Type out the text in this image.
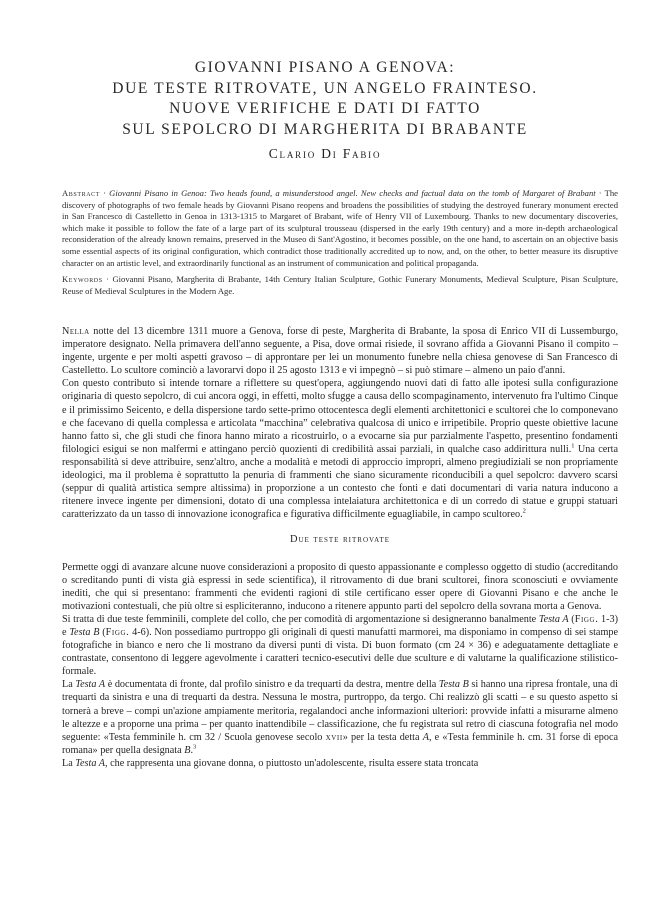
GIOVANNI PISANO A GENOVA:
DUE TESTE RITROVATE, UN ANGELO FRAINTESO.
NUOVE VERIFICHE E DATI DI FATTO
SUL SEPOLCRO DI MARGHERITA DI BRABANTE
Clario Di Fabio
Abstract · Giovanni Pisano in Genoa: Two heads found, a misunderstood angel. New checks and factual data on the tomb of Margaret of Brabant · The discovery of photographs of two female heads by Giovanni Pisano reopens and broadens the possibilities of studying the destroyed funerary monument erected in San Francesco di Castelletto in Genoa in 1313-1315 to Margaret of Brabant, wife of Henry VII of Luxembourg. Thanks to new documentary discoveries, which make it possible to follow the fate of a large part of its sculptural trousseau (dispersed in the early 19th century) and a more in-depth archaeological reconsideration of the already known remains, preserved in the Museo di Sant'Agostino, it becomes possible, on the one hand, to ascertain on an objective basis some essential aspects of its original configuration, which contradict those traditionally accredited up to now, and, on the other, to better measure its disruptive character on an artistic level, and extraordinarily functional as an instrument of communication and political propaganda.
Keywords · Giovanni Pisano, Margherita di Brabante, 14th Century Italian Sculpture, Gothic Funerary Monuments, Medieval Sculpture, Pisan Sculpture, Reuse of Medieval Sculptures in the Modern Age.

Nella notte del 13 dicembre 1311 muore a Genova, forse di peste, Margherita di Brabante, la sposa di Enrico VII di Lussemburgo, imperatore designato. Nella primavera dell'anno seguente, a Pisa, dove ormai risiede, il sovrano affida a Giovanni Pisano il compito – ingente, urgente e per molti aspetti gravoso – di approntare per lei un monumento funebre nella chiesa genovese di San Francesco di Castelletto. Lo scultore cominciò a lavorarvi dopo il 25 agosto 1313 e vi impegnò – si può stimare – almeno un paio d'anni.

Con questo contributo si intende tornare a riflettere su quest'opera, aggiungendo nuovi dati di fatto alle ipotesi sulla configurazione originaria di questo sepolcro, di cui ancora oggi, in effetti, molto sfugge a causa dello scompaginamento, intervenuto fra l'ultimo Cinque e il primissimo Seicento, e della dispersione tardo sette-primo ottocentesca degli elementi architettonici e scultorei che lo componevano e che facevano di quella complessa e articolata “macchina” celebrativa qualcosa di unico e irripetibile. Proprio queste obiettive lacune hanno fatto sì, che gli studi che finora hanno mirato a ricostruirlo, o a evocarne sia pur parzialmente l'aspetto, presentino fondamenti filologici esigui se non malfermi e attingano perciò quozienti di credibilità assai parziali, in qualche caso addirittura nulli.$^1$ Una certa responsabilità si deve attribuire, senz'altro, anche a modalità e metodi di approccio impropri, almeno pregiudiziali se non propriamente ideologici, ma il problema è soprattutto la penuria di frammenti che siano sicuramente riconducibili a quel sepolcro: davvero scarsi (seppur di qualità artistica sempre altissima) in proporzione a un contesto che fonti e dati documentari di varia natura inducono a ritenere invece ingente per dimensioni, dotato di una complessa intelaiatura architettonica e di un corredo di statue e gruppi statuari caratterizzato da un tasso di innovazione iconografica e figurativa difficilmente eguagliabile, in campo scultoreo.$^2$

Due teste ritrovate

Permette oggi di avanzare alcune nuove considerazioni a proposito di questo appassionante e complesso oggetto di studio (accreditando o screditando punti di vista già espressi in sede scientifica), il ritrovamento di due brani scultorei, finora sconosciuti e ovviamente inediti, che qui si presentano: frammenti che evidenti ragioni di stile certificano esser opere di Giovanni Pisano e che anche le motivazioni contestuali, che più oltre si espliciteranno, inducono a ritenere appunto parti del sepolcro della sovrana morta a Genova.

Si tratta di due teste femminili, complete del collo, che per comodità di argomentazione si designeranno banalmente Testa A (Figg. 1-3) e Testa B (Figg. 4-6). Non possediamo purtroppo gli originali di questi manufatti marmorei, ma disponiamo in compenso di sei stampe fotografiche in bianco e nero che li mostrano da diversi punti di vista. Di buon formato (cm 24 × 36) e adeguatamente dettagliate e contrastate, consentono di leggere agevolmente i caratteri tecnico-esecutivi delle due sculture e di valutarne la qualificazione stilistico-formale.

La Testa A è documentata di fronte, dal profilo sinistro e da trequarti da destra, mentre della Testa B si hanno una ripresa frontale, una di trequarti da sinistra e una di trequarti da destra. Nessuna le mostra, purtroppo, da tergo. Chi realizzò gli scatti – e su questo aspetto si tornerà a breve – compì un'azione ampiamente meritoria, regalandoci anche informazioni ulteriori: provvide infatti a misurarne almeno le altezze e a proporne una prima – per quanto inattendibile – classificazione, che fu registrata sul retro di ciascuna fotografia nel modo seguente: «Testa femminile h. cm 32 / Scuola genovese secolo xvii» per la testa detta A, e «Testa femminile h. cm. 31 forse di epoca romana» per quella designata B.$^3$

La Testa A, che rappresenta una giovane donna, o piuttosto un'adolescente, risulta essere stata troncata
